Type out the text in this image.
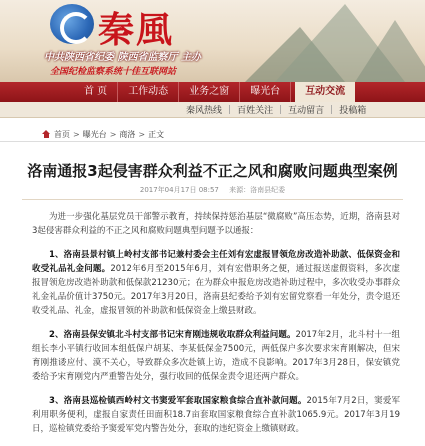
秦風
中共陕西省纪委 陕西省监察厅 主办
全国纪检监察系统十佳互联网站
首 页	工作动态	业务之窗	曝光台	互动交流
秦风热线 | 百姓关注 | 互动留言 | 投稿箱
首页 > 曝光台 > 商洛 > 正文
洛南通报3起侵害群众利益不正之风和腐败问题典型案例
2017年04月17日 08:57 来源：洛南县纪委

为进一步强化基层党员干部警示教育，持续保持惩治基层“微腐败”高压态势，近期，洛南县对3起侵害群众利益的不正之风和腐败问题典型问题予以通报：

1、洛南县景村镇上岭村支部书记兼村委会主任刘有宏虚报冒领危房改造补助款、低保资金和收受礼品礼金问题。2012年6月至2015年6月，刘有宏借职务之便，通过报送虚假资料，多次虚报冒领危房改造补助款和低保款21230元；在为群众申报危房改造补助过程中，多次收受办事群众礼金礼品价值计3750元。2017年3月20日，洛南县纪委给予刘有宏留党察看一年处分，责令退还收受礼品、礼金，虚报冒领的补助款和低保资金上缴县财政。

2、洛南县保安镇北斗村支部书记宋育刚违规收取群众利益问题。2017年2月，北斗村十一组组长李小平镇行收回本组低保户胡某、李某低保金7500元，两低保户多次要求宋育刚解决，但宋育刚推诿应付、漠不关心，导致群众多次赴镇上访，造成不良影响。2017年3月28日，保安镇党委给予宋育刚党内严重警告处分，强行收回的低保金责令退还两户群众。

3、洛南县巡检镇西岭村文书窦爱军套取国家粮食综合直补款问题。2015年7月2日，窦爱军利用职务便利，虚报自家责任田面积18.7亩套取国家粮食综合直补款1065.9元。2017年3月19日，巡检镇党委给予窦爱军党内警告处分，套取的违纪资金上缴镇财政。
